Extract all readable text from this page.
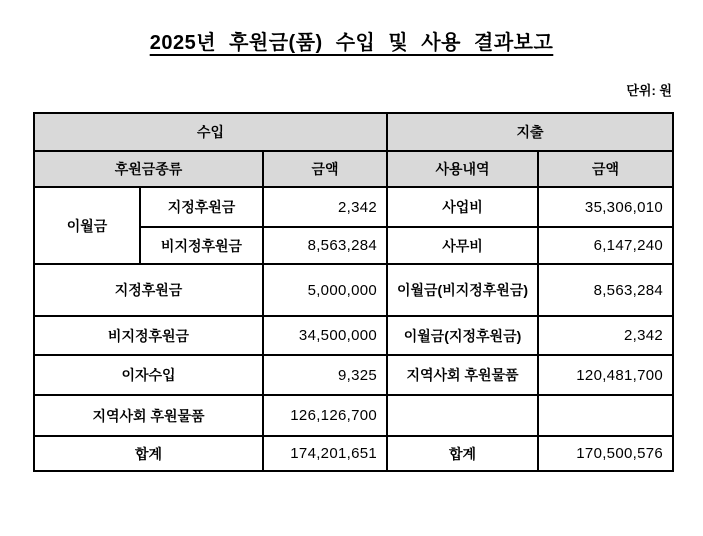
2025년 후원금(품) 수입 및 사용 결과보고
단위: 원
수입			지출	
후원금종류		금액	사용내역	금액
이월금	지정후원금	2,342	사업비	35,306,010
	비지정후원금	8,563,284	사무비	6,147,240
지정후원금		5,000,000	이월금(비지정후원금)	8,563,284
비지정후원금		34,500,000	이월금(지정후원금)	2,342
이자수입		9,325	지역사회 후원물품	120,481,700
지역사회 후원물품		126,126,700		
합계		174,201,651	합계	170,500,576
